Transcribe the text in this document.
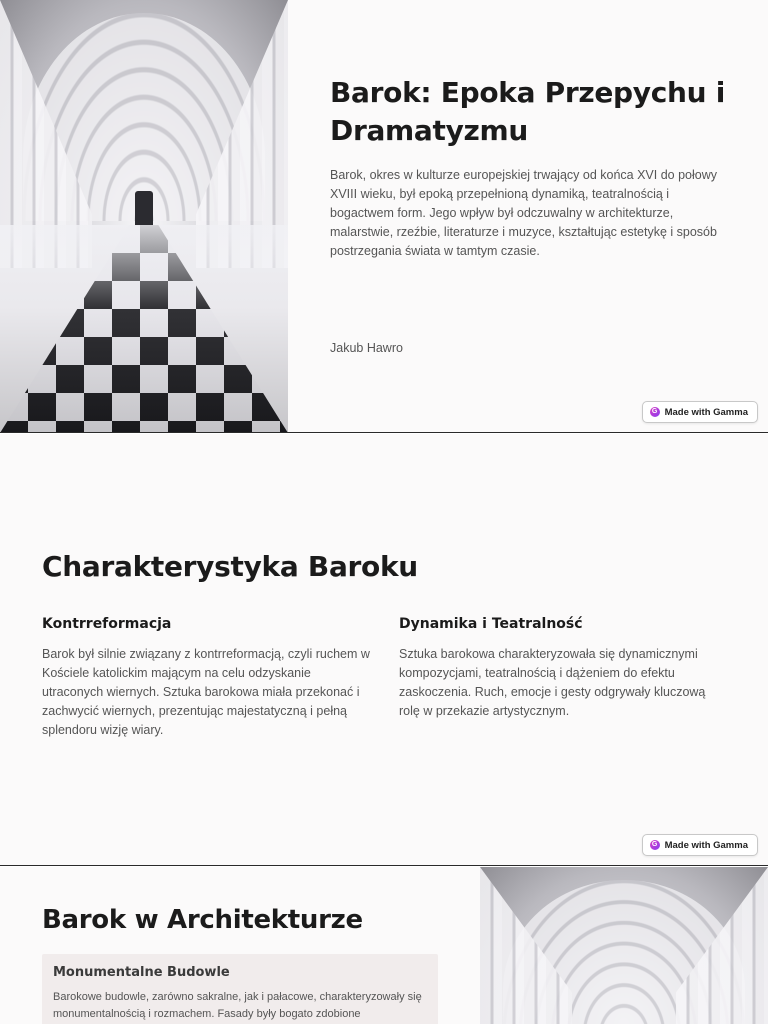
Barok: Epoka Przepychu i Dramatyzmu

Barok, okres w kulturze europejskiej trwający od końca XVI do połowy XVIII wieku, był epoką przepełnioną dynamiką, teatralnością i bogactwem form. Jego wpływ był odczuwalny w architekturze, malarstwie, rzeźbie, literaturze i muzyce, kształtując estetykę i sposób postrzegania świata w tamtym czasie.

Jakub Hawro

G Made with Gamma
Charakterystyka Baroku
Kontrreformacja

Barok był silnie związany z kontrreformacją, czyli ruchem w Kościele katolickim mającym na celu odzyskanie utraconych wiernych. Sztuka barokowa miała przekonać i zachwycić wiernych, prezentując majestatyczną i pełną splendoru wizję wiary.

Dynamika i Teatralność

Sztuka barokowa charakteryzowała się dynamicznymi kompozycjami, teatralnością i dążeniem do efektu zaskoczenia. Ruch, emocje i gesty odgrywały kluczową rolę w przekazie artystycznym.

G Made with Gamma
Barok w Architekturze
Monumentalne Budowle

Barokowe budowle, zarówno sakralne, jak i pałacowe, charakteryzowały się monumentalnością i rozmachem. Fasady były bogato zdobione
